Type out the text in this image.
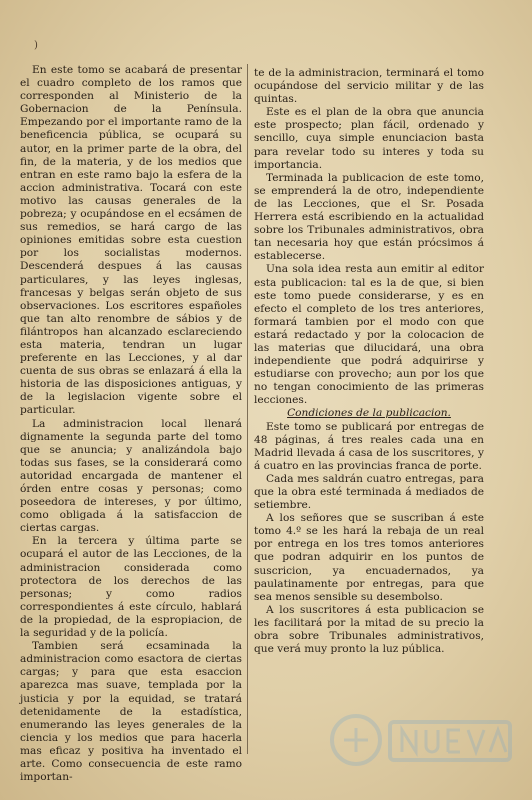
)

En este tomo se acabará de presentar el cuadro completo de los ramos que corresponden al Ministerio de la Gobernacion de la Península. Empezando por el importante ramo de la beneficencia pública, se ocupará su autor, en la primer parte de la obra, del fin, de la materia, y de los medios que entran en este ramo bajo la esfera de la accion administrativa. Tocará con este motivo las causas generales de la pobreza; y ocupándose en el ecsámen de sus remedios, se hará cargo de las opiniones emitidas sobre esta cuestion por los socialistas modernos. Descenderá despues á las causas particulares, y las leyes inglesas, francesas y belgas serán objeto de sus observaciones. Los escritores españoles que tan alto renombre de sábios y de filántropos han alcanzado esclareciendo esta materia, tendran un lugar preferente en las Lecciones, y al dar cuenta de sus obras se enlazará á ella la historia de las disposiciones antiguas, y de la legislacion vigente sobre el particular.

La administracion local llenará dignamente la segunda parte del tomo que se anuncia; y analizándola bajo todas sus fases, se la considerará como autoridad encargada de mantener el órden entre cosas y personas; como poseedora de intereses, y por último, como obligada á la satisfaccion de ciertas cargas.

En la tercera y última parte se ocupará el autor de las Lecciones, de la administracion considerada como protectora de los derechos de las personas; y como radios correspondientes á este círculo, hablará de la propiedad, de la espropiacion, de la seguridad y de la policía.

Tambien será ecsaminada la administracion como esactora de ciertas cargas; y para que esta esaccion aparezca mas suave, templada por la justicia y por la equidad, se tratará detenidamente de la estadística, enumerando las leyes generales de la ciencia y los medios que para hacerla mas eficaz y positiva ha inventado el arte. Como consecuencia de este ramo importan-

te de la administracion, terminará el tomo ocupándose del servicio militar y de las quintas.

Este es el plan de la obra que anuncia este prospecto; plan fácil, ordenado y sencillo, cuya simple enunciacion basta para revelar todo su interes y toda su importancia.

Terminada la publicacion de este tomo, se emprenderá la de otro, independiente de las Lecciones, que el Sr. Posada Herrera está escribiendo en la actualidad sobre los Tribunales administrativos, obra tan necesaria hoy que están prócsimos á establecerse.

Una sola idea resta aun emitir al editor esta publicacion: tal es la de que, si bien este tomo puede considerarse, y es en efecto el completo de los tres anteriores, formará tambien por el modo con que estará redactado y por la colocacion de las materias que dilucidará, una obra independiente que podrá adquirirse y estudiarse con provecho; aun por los que no tengan conocimiento de las primeras lecciones.

Condiciones de la publicacion.

Este tomo se publicará por entregas de 48 páginas, á tres reales cada una en Madrid llevada á casa de los suscritores, y á cuatro en las provincias franca de porte.

Cada mes saldrán cuatro entregas, para que la obra esté terminada á mediados de setiembre.

A los señores que se suscriban á este tomo 4.º se les hará la rebaja de un real por entrega en los tres tomos anteriores que podran adquirir en los puntos de suscricion, ya encuadernados, ya paulatinamente por entregas, para que sea menos sensible su desembolso.

A los suscritores á esta publicacion se les facilitará por la mitad de su precio la obra sobre Tribunales administrativos, que verá muy pronto la luz pública.
